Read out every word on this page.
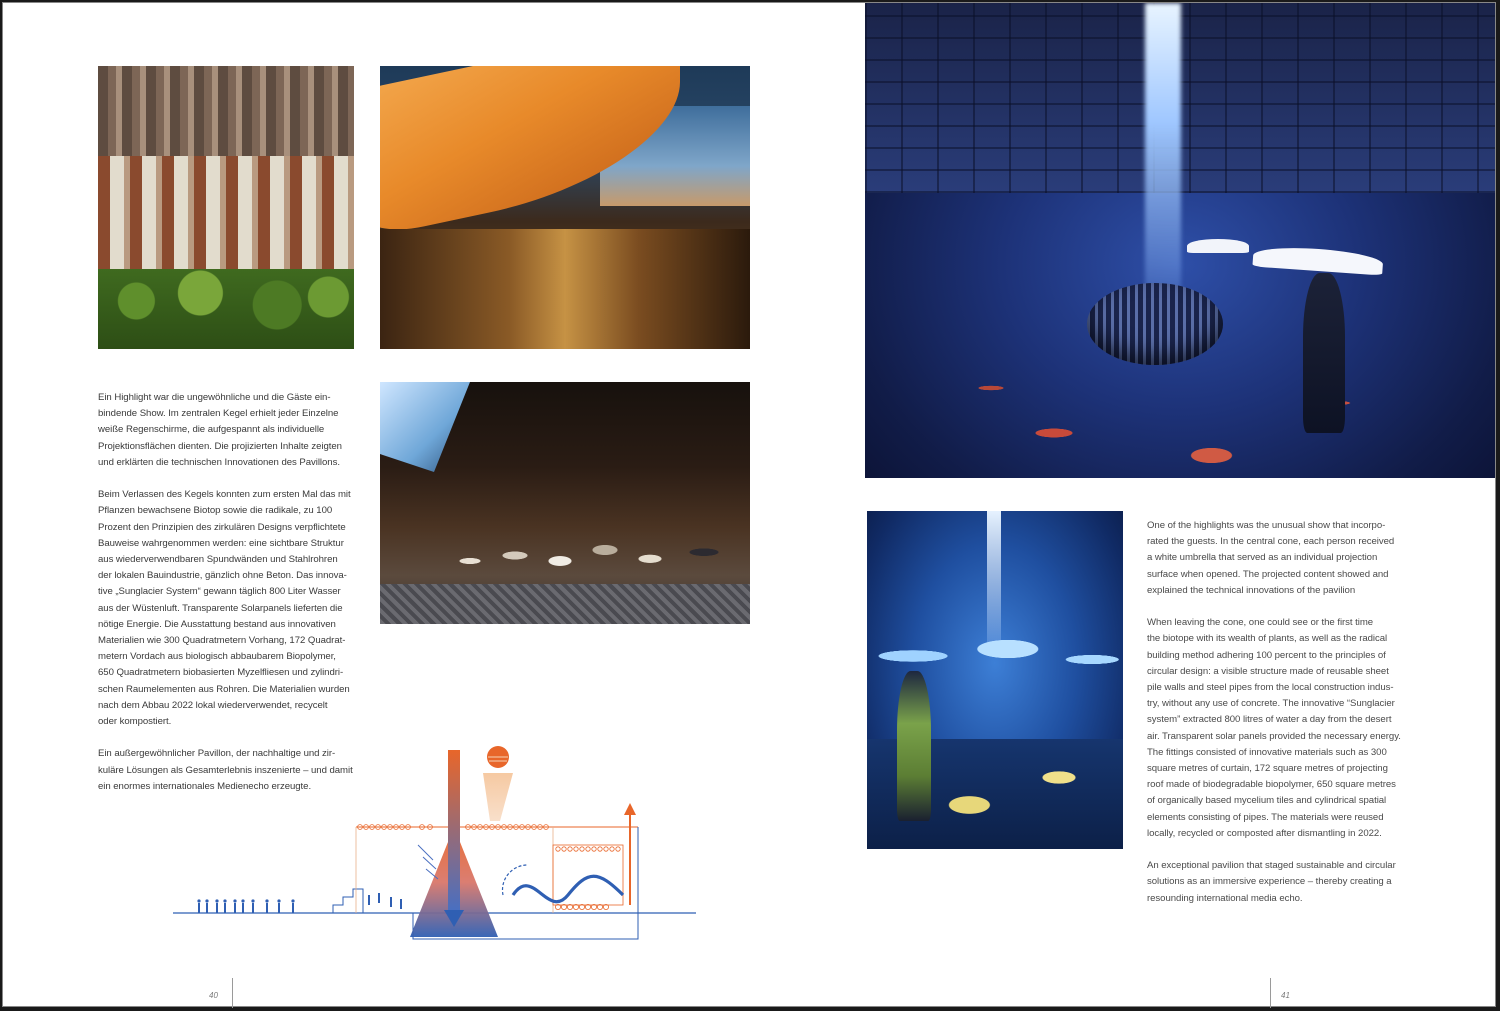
Ein Highlight war die ungewöhnliche und die Gäste ein-
bindende Show. Im zentralen Kegel erhielt jeder Einzelne
weiße Regenschirme, die aufgespannt als individuelle
Projektionsflächen dienten. Die projizierten Inhalte zeigten
und erklärten die technischen Innovationen des Pavillons.

Beim Verlassen des Kegels konnten zum ersten Mal das mit
Pflanzen bewachsene Biotop sowie die radikale, zu 100
Prozent den Prinzipien des zirkulären Designs verpflichtete
Bauweise wahrgenommen werden: eine sichtbare Struktur
aus wiederverwendbaren Spundwänden und Stahlrohren
der lokalen Bauindustrie, gänzlich ohne Beton. Das innova-
tive „Sunglacier System“ gewann täglich 800 Liter Wasser
aus der Wüstenluft. Transparente Solarpanels lieferten die
nötige Energie. Die Ausstattung bestand aus innovativen
Materialien wie 300 Quadratmetern Vorhang, 172 Quadrat-
metern Vordach aus biologisch abbaubarem Biopolymer,
650 Quadratmetern biobasierten Myzelfliesen und zylindri-
schen Raumelementen aus Rohren. Die Materialien wurden
nach dem Abbau 2022 lokal wiederverwendet, recycelt
oder kompostiert.

Ein außergewöhnlicher Pavillon, der nachhaltige und zir-
kuläre Lösungen als Gesamterlebnis inszenierte – und damit
ein enormes internationales Medienecho erzeugte.

40

One of the highlights was the unusual show that incorpo-
rated the guests. In the central cone, each person received
a white umbrella that served as an individual projection
surface when opened. The projected content showed and
explained the technical innovations of the pavilion

When leaving the cone, one could see or the first time
the biotope with its wealth of plants, as well as the radical
building method adhering 100 percent to the principles of
circular design: a visible structure made of reusable sheet
pile walls and steel pipes from the local construction indus-
try, without any use of concrete. The innovative “Sunglacier
system” extracted 800 litres of water a day from the desert
air. Transparent solar panels provided the necessary energy.
The fittings consisted of innovative materials such as 300
square metres of curtain, 172 square metres of projecting
roof made of biodegradable biopolymer, 650 square metres
of organically based mycelium tiles and cylindrical spatial
elements consisting of pipes. The materials were reused
locally, recycled or composted after dismantling in 2022.

An exceptional pavilion that staged sustainable and circular
solutions as an immersive experience – thereby creating a
resounding international media echo.

41
